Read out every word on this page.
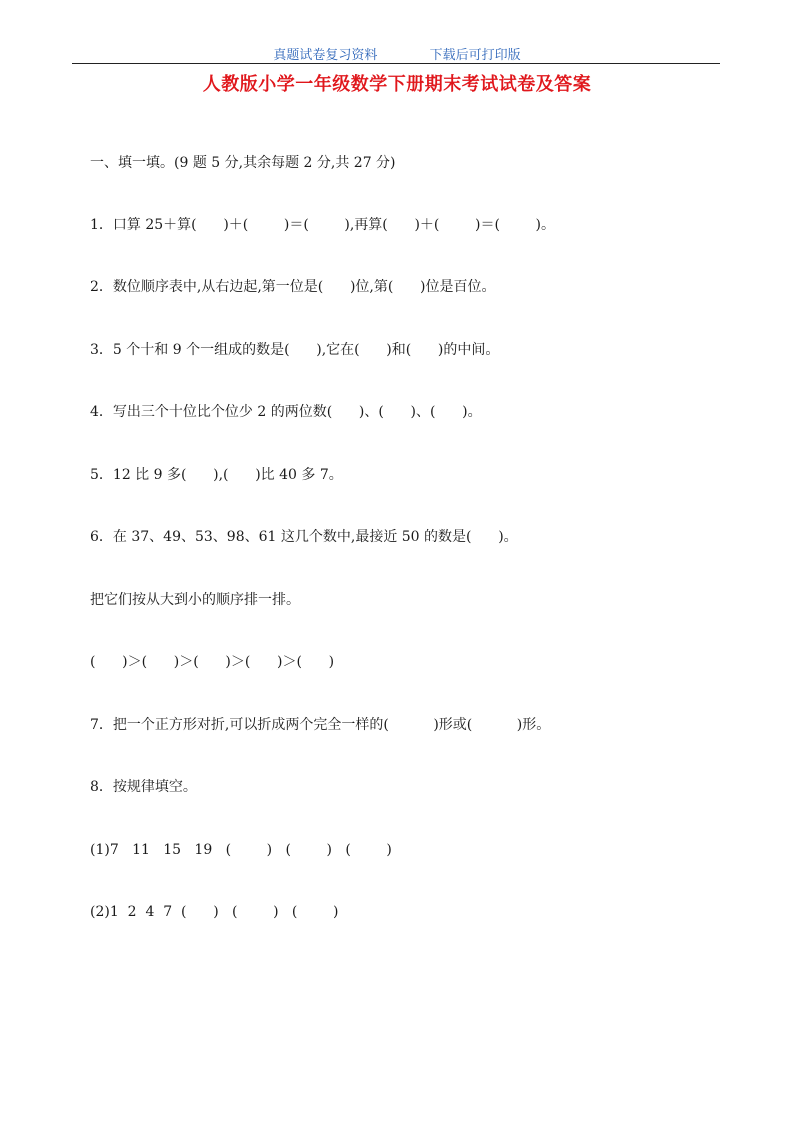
真题试卷复习资料	下载后可打印版
人教版小学一年级数学下册期末考试试卷及答案
一、填一填。(9 题 5 分,其余每题 2 分,共 27 分)
1．口算 25＋算(      )＋(        )＝(        ),再算(      )＋(        )＝(        )。
2．数位顺序表中,从右边起,第一位是(      )位,第(      )位是百位。
3．5 个十和 9 个一组成的数是(      ),它在(      )和(      )的中间。
4．写出三个十位比个位少 2 的两位数(      )、(      )、(      )。
5．12 比 9 多(      ),(      )比 40 多 7。
6．在 37、49、53、98、61 这几个数中,最接近 50 的数是(      )。
把它们按从大到小的顺序排一排。
(      )＞(      )＞(      )＞(      )＞(      )
7．把一个正方形对折,可以折成两个完全一样的(          )形或(          )形。
8．按规律填空。
(1)7   11   15   19   (        )   (        )   (        )
(2)1  2  4  7  (      )   (        )   (        )
